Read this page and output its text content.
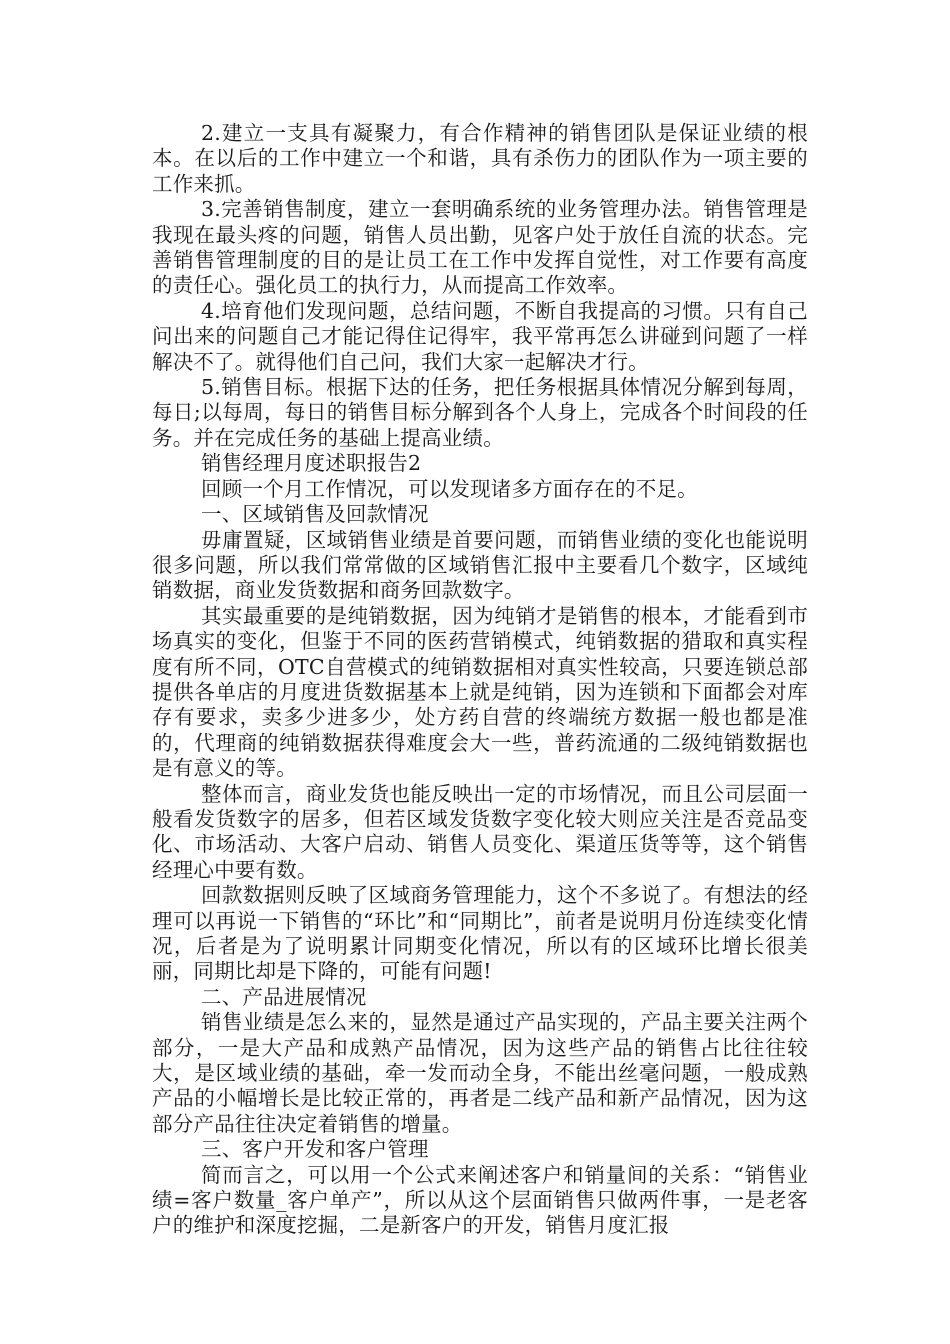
2.建立一支具有凝聚力，有合作精神的销售团队是保证业绩的根本。在以后的工作中建立一个和谐，具有杀伤力的团队作为一项主要的工作来抓。

3.完善销售制度，建立一套明确系统的业务管理办法。销售管理是我现在最头疼的问题，销售人员出勤，见客户处于放任自流的状态。完善销售管理制度的目的是让员工在工作中发挥自觉性，对工作要有高度的责任心。强化员工的执行力，从而提高工作效率。

4.培育他们发现问题，总结问题，不断自我提高的习惯。只有自己问出来的问题自己才能记得住记得牢，我平常再怎么讲碰到问题了一样解决不了。就得他们自己问，我们大家一起解决才行。

5.销售目标。根据下达的任务，把任务根据具体情况分解到每周，每日;以每周，每日的销售目标分解到各个人身上，完成各个时间段的任务。并在完成任务的基础上提高业绩。

销售经理月度述职报告2

回顾一个月工作情况，可以发现诸多方面存在的不足。

一、区域销售及回款情况

毋庸置疑，区域销售业绩是首要问题，而销售业绩的变化也能说明很多问题，所以我们常常做的区域销售汇报中主要看几个数字，区域纯销数据，商业发货数据和商务回款数字。

其实最重要的是纯销数据，因为纯销才是销售的根本，才能看到市场真实的变化，但鉴于不同的医药营销模式，纯销数据的猎取和真实程度有所不同，OTC自营模式的纯销数据相对真实性较高，只要连锁总部提供各单店的月度进货数据基本上就是纯销，因为连锁和下面都会对库存有要求，卖多少进多少，处方药自营的终端统方数据一般也都是准的，代理商的纯销数据获得难度会大一些，普药流通的二级纯销数据也是有意义的等。

整体而言，商业发货也能反映出一定的市场情况，而且公司层面一般看发货数字的居多，但若区域发货数字变化较大则应关注是否竞品变化、市场活动、大客户启动、销售人员变化、渠道压货等等，这个销售经理心中要有数。

回款数据则反映了区域商务管理能力，这个不多说了。有想法的经理可以再说一下销售的“环比”和“同期比”，前者是说明月份连续变化情况，后者是为了说明累计同期变化情况，所以有的区域环比增长很美丽，同期比却是下降的，可能有问题!

二、产品进展情况

销售业绩是怎么来的，显然是通过产品实现的，产品主要关注两个部分，一是大产品和成熟产品情况，因为这些产品的销售占比往往较大，是区域业绩的基础，牵一发而动全身，不能出丝毫问题，一般成熟产品的小幅增长是比较正常的，再者是二线产品和新产品情况，因为这部分产品往往决定着销售的增量。

三、客户开发和客户管理

简而言之，可以用一个公式来阐述客户和销量间的关系：“销售业绩=客户数量_客户单产”，所以从这个层面销售只做两件事，一是老客户的维护和深度挖掘，二是新客户的开发，销售月度汇报
